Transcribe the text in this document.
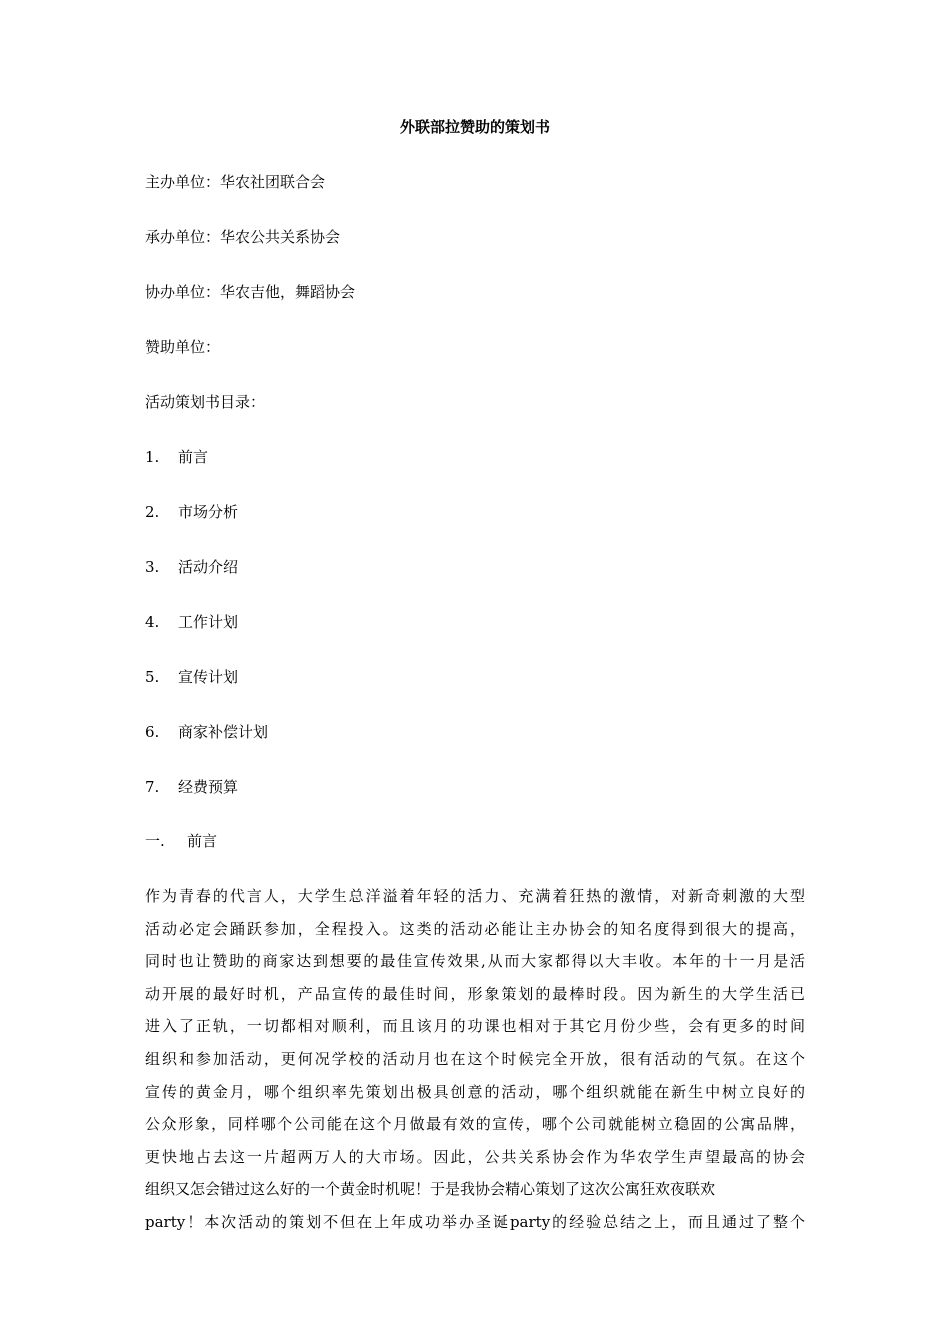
外联部拉赞助的策划书
主办单位：华农社团联合会
承办单位：华农公共关系协会
协办单位：华农吉他，舞蹈协会
赞助单位：
活动策划书目录：
1. 前言
2. 市场分析
3. 活动介绍
4. 工作计划
5. 宣传计划
6. 商家补偿计划
7. 经费预算
一. 前言
作为青春的代言人，大学生总洋溢着年轻的活力、充满着狂热的激情，对新奇刺激的大型
活动必定会踊跃参加，全程投入。这类的活动必能让主办协会的知名度得到很大的提高，
同时也让赞助的商家达到想要的最佳宣传效果,从而大家都得以大丰收。本年的十一月是活
动开展的最好时机，产品宣传的最佳时间，形象策划的最棒时段。因为新生的大学生活已
进入了正轨，一切都相对顺利，而且该月的功课也相对于其它月份少些，会有更多的时间
组织和参加活动，更何况学校的活动月也在这个时候完全开放，很有活动的气氛。在这个
宣传的黄金月，哪个组织率先策划出极具创意的活动，哪个组织就能在新生中树立良好的
公众形象，同样哪个公司能在这个月做最有效的宣传，哪个公司就能树立稳固的公寓品牌，
更快地占去这一片超两万人的大市场。因此，公共关系协会作为华农学生声望最高的协会
组织又怎会错过这么好的一个黄金时机呢！于是我协会精心策划了这次公寓狂欢夜联欢
party！本次活动的策划不但在上年成功举办圣诞party的经验总结之上，而且通过了整个
